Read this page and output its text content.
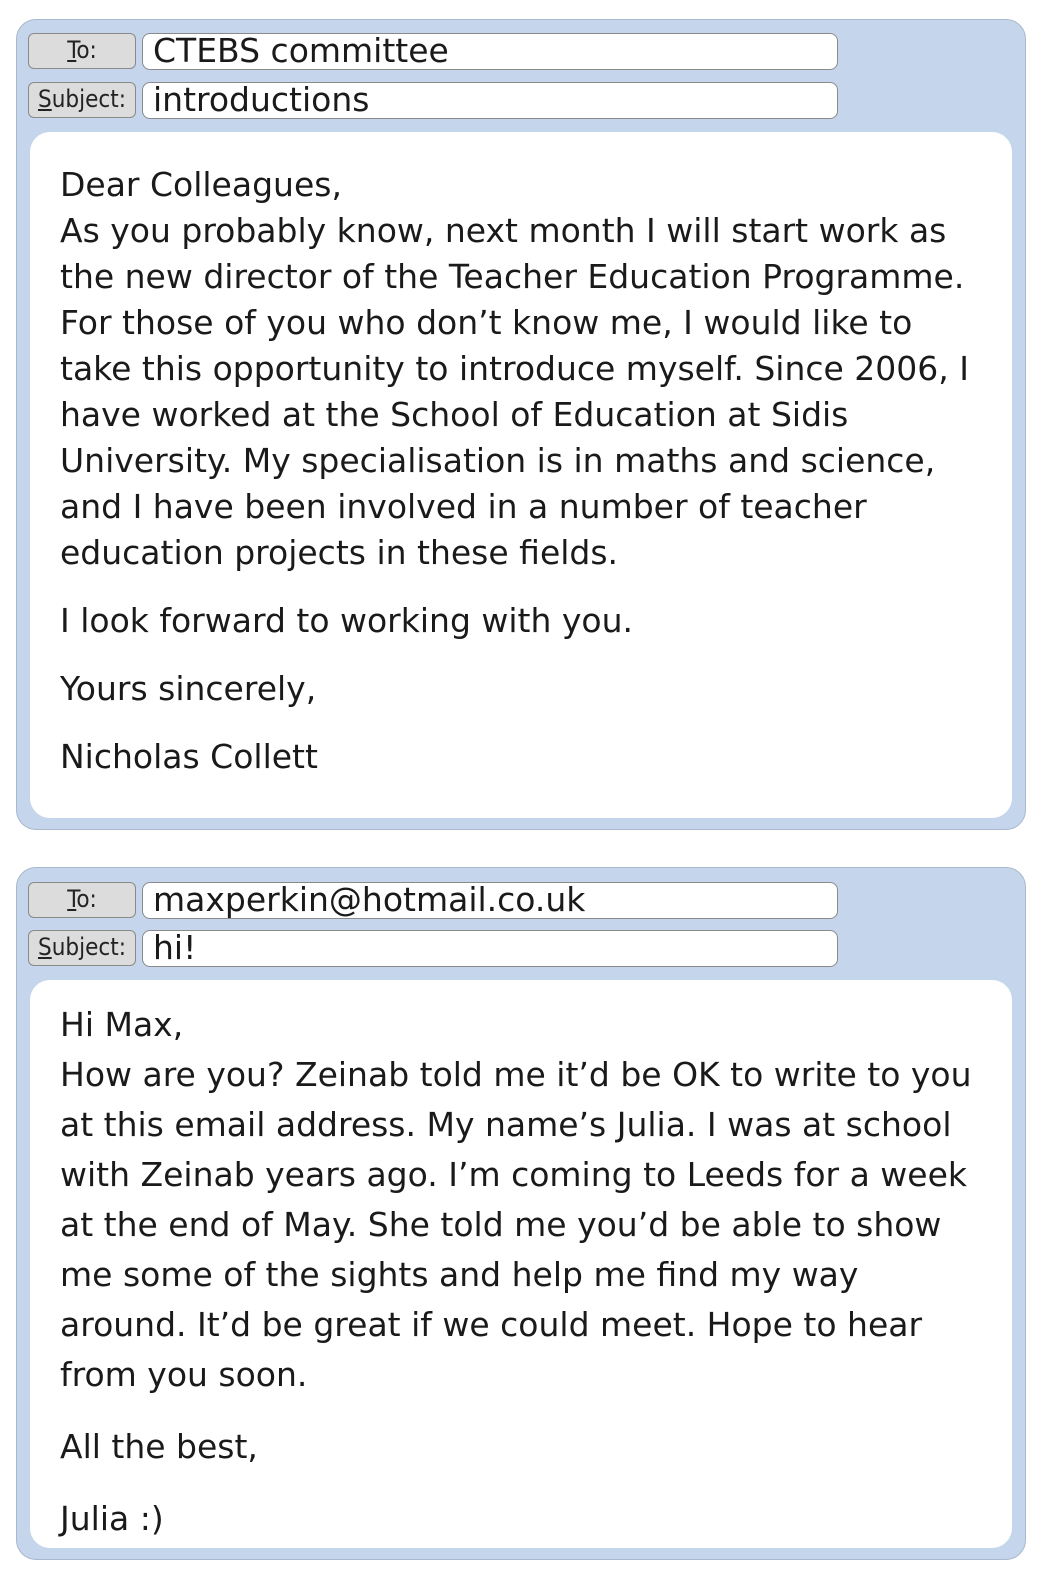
To:	CTEBS committee
Subject: introductions

Dear Colleagues,

As you probably know, next month I will start work as the new director of the Teacher Education Programme. For those of you who don’t know me, I would like to take this opportunity to introduce myself. Since 2006, I have worked at the School of Education at Sidis University. My specialisation is in maths and science, and I have been involved in a number of teacher education projects in these fields.

I look forward to working with you.

Yours sincerely,

Nicholas Collett

To:	maxperkin@hotmail.co.uk
Subject: hi!

Hi Max,

How are you? Zeinab told me it’d be OK to write to you at this email address. My name’s Julia. I was at school with Zeinab years ago. I’m coming to Leeds for a week at the end of May. She told me you’d be able to show me some of the sights and help me find my way around. It’d be great if we could meet. Hope to hear from you soon.

All the best,

Julia :)
